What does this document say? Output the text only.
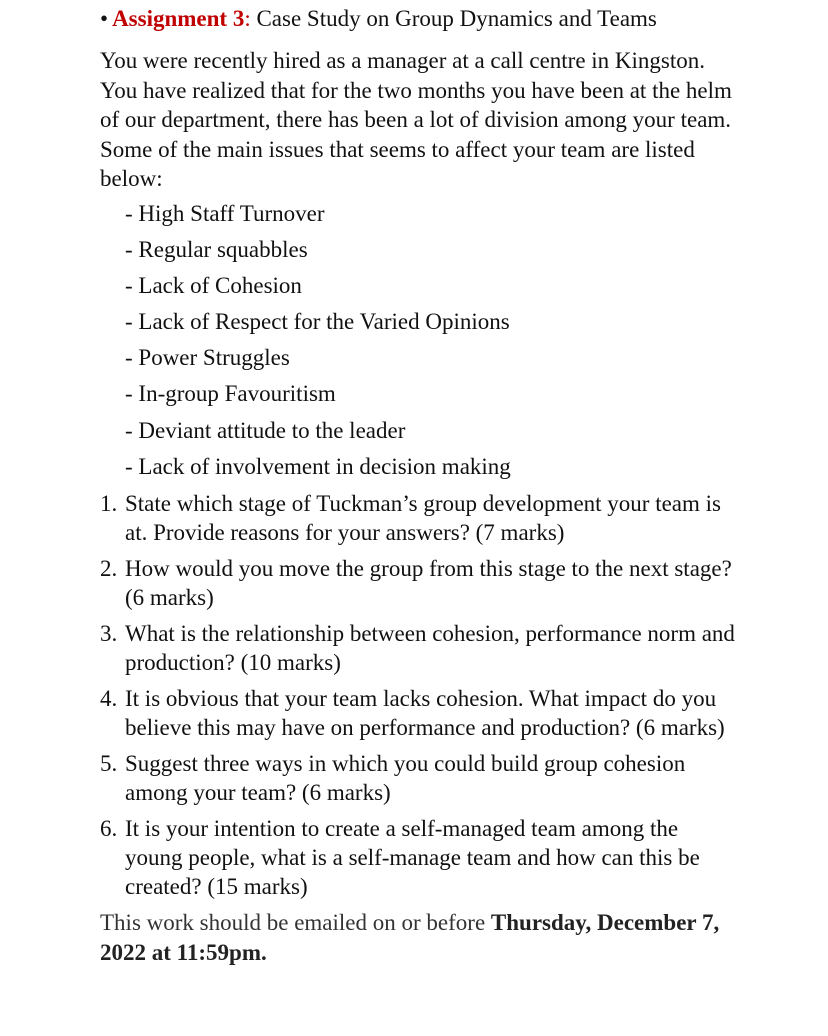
• Assignment 3: Case Study on Group Dynamics and Teams

You were recently hired as a manager at a call centre in Kingston. You have realized that for the two months you have been at the helm of our department, there has been a lot of division among your team. Some of the main issues that seems to affect your team are listed below:

- High Staff Turnover
- Regular squabbles
- Lack of Cohesion
- Lack of Respect for the Varied Opinions
- Power Struggles
- In-group Favouritism
- Deviant attitude to the leader
- Lack of involvement in decision making
1. State which stage of Tuckman’s group development your team is at. Provide reasons for your answers? (7 marks)
2. How would you move the group from this stage to the next stage? (6 marks)
3. What is the relationship between cohesion, performance norm and production? (10 marks)
4. It is obvious that your team lacks cohesion. What impact do you believe this may have on performance and production? (6 marks)
5. Suggest three ways in which you could build group cohesion among your team? (6 marks)
6. It is your intention to create a self-managed team among the young people, what is a self-manage team and how can this be created? (15 marks)

This work should be emailed on or before Thursday, December 7, 2022 at 11:59pm.
